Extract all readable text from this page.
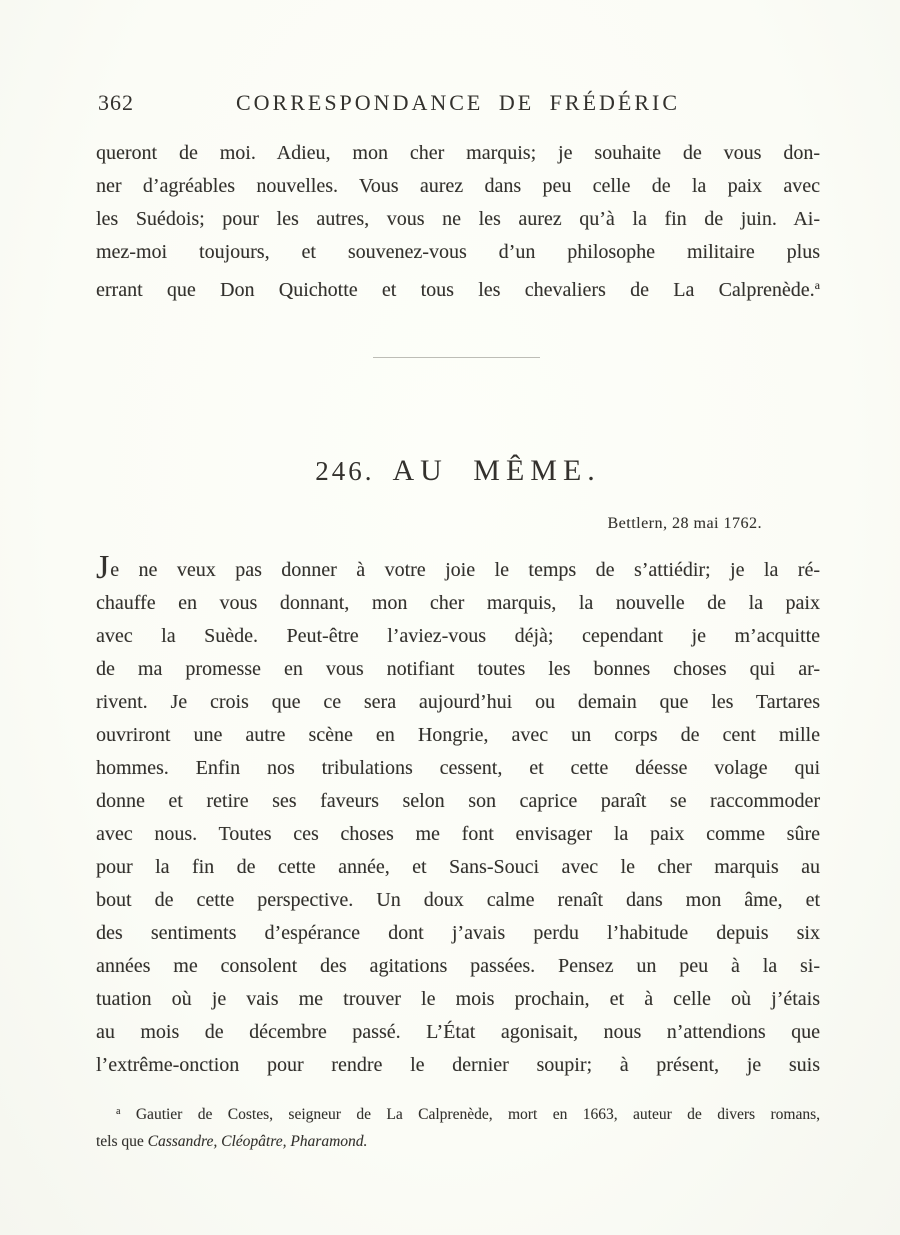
362	CORRESPONDANCE DE FRÉDÉRIC
queront de moi. Adieu, mon cher marquis; je souhaite de vous don-
ner d’agréables nouvelles. Vous aurez dans peu celle de la paix avec
les Suédois; pour les autres, vous ne les aurez qu’à la fin de juin. Ai-
mez-moi toujours, et souvenez-vous d’un philosophe militaire plus
errant que Don Quichotte et tous les chevaliers de La Calprenède.$^a$
246. AU MÊME.
Bettlern, 28 mai 1762.
Je ne veux pas donner à votre joie le temps de s’attiédir; je la ré-
chauffe en vous donnant, mon cher marquis, la nouvelle de la paix
avec la Suède. Peut-être l’aviez-vous déjà; cependant je m’acquitte
de ma promesse en vous notifiant toutes les bonnes choses qui ar-
rivent. Je crois que ce sera aujourd’hui ou demain que les Tartares
ouvriront une autre scène en Hongrie, avec un corps de cent mille
hommes. Enfin nos tribulations cessent, et cette déesse volage qui
donne et retire ses faveurs selon son caprice paraît se raccommoder
avec nous. Toutes ces choses me font envisager la paix comme sûre
pour la fin de cette année, et Sans-Souci avec le cher marquis au
bout de cette perspective. Un doux calme renaît dans mon âme, et
des sentiments d’espérance dont j’avais perdu l’habitude depuis six
années me consolent des agitations passées. Pensez un peu à la si-
tuation où je vais me trouver le mois prochain, et à celle où j’étais
au mois de décembre passé. L’État agonisait, nous n’attendions que
l’extrême-onction pour rendre le dernier soupir; à présent, je suis
$^a$ Gautier de Costes, seigneur de La Calprenède, mort en 1663, auteur de divers romans,
tels que Cassandre, Cléopâtre, Pharamond.
